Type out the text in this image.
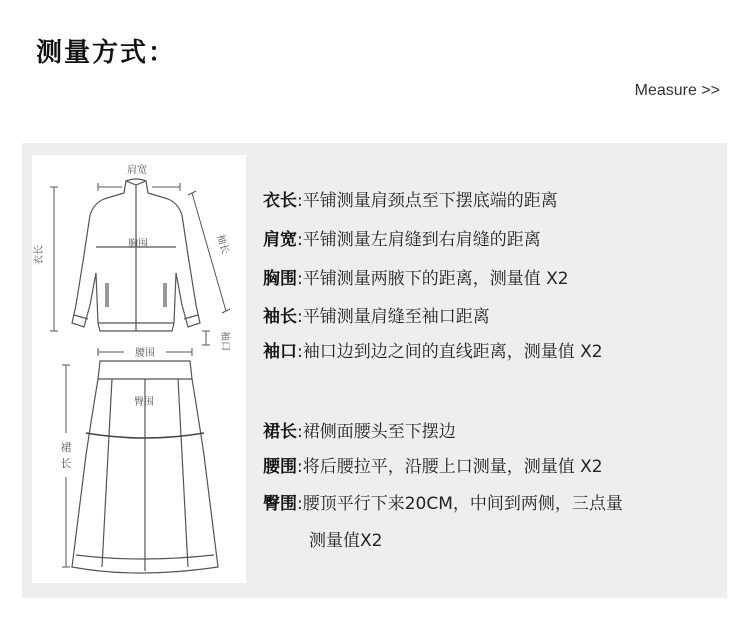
测量方式：
Measure >>
肩宽
衣长
胸围	袖长
袖口
腰围
臀围
裙
长
衣长:平铺测量肩颈点至下摆底端的距离
肩宽:平铺测量左肩缝到右肩缝的距离
胸围:平铺测量两腋下的距离，测量值 X2
袖长:平铺测量肩缝至袖口距离
袖口:袖口边到边之间的直线距离，测量值 X2
裙长:裙侧面腰头至下摆边
腰围:将后腰拉平，沿腰上口测量，测量值 X2
臀围:腰顶平行下来20CM，中间到两侧，三点量
测量值X2
